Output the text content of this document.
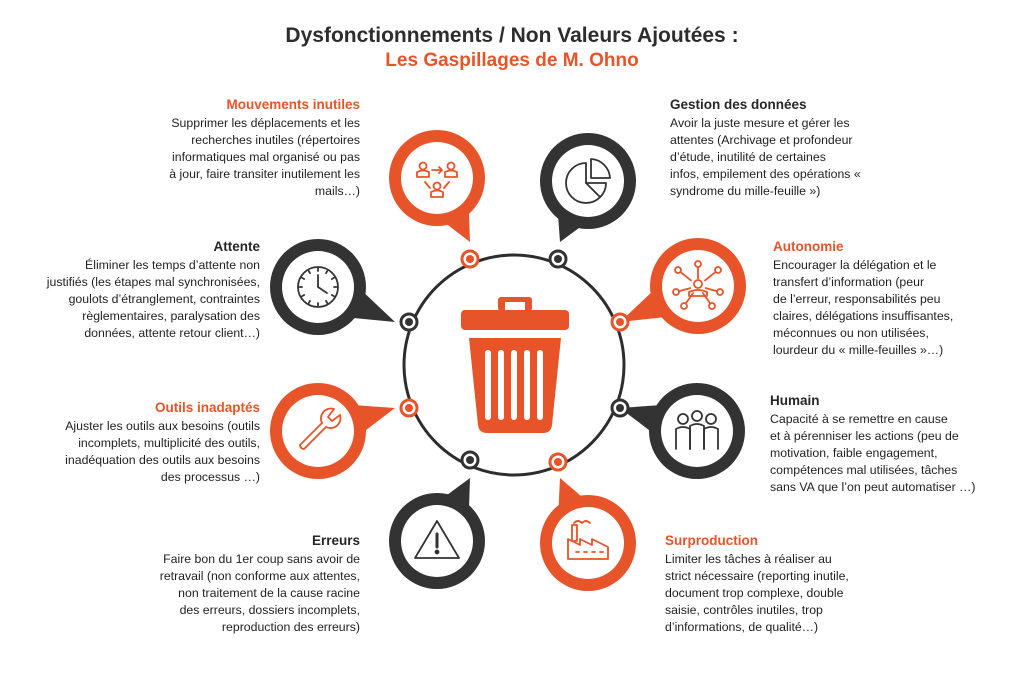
Dysfonctionnements / Non Valeurs Ajoutées :
Les Gaspillages de M. Ohno
Mouvements inutiles
Supprimer les déplacements et les
recherches inutiles (répertoires
informatiques mal organisé ou pas
à jour, faire transiter inutilement les
mails…)
Gestion des données
Avoir la juste mesure et gérer les
attentes (Archivage et profondeur
d’étude, inutilité de certaines
infos, empilement des opérations «
syndrome du mille-feuille »)
Attente
Éliminer les temps d’attente non
justifiés (les étapes mal synchronisées,
goulots d’étranglement, contraintes
règlementaires, paralysation des
données, attente retour client…)
Autonomie
Encourager la délégation et le
transfert d’information (peur
de l’erreur, responsabilités peu
claires, délégations insuffisantes,
méconnues ou non utilisées,
lourdeur du « mille-feuilles »…)
Outils inadaptés
Ajuster les outils aux besoins (outils
incomplets, multiplicité des outils,
inadéquation des outils aux besoins
des processus …)
Humain
Capacité à se remettre en cause
et à pérenniser les actions (peu de
motivation, faible engagement,
compétences mal utilisées, tâches
sans VA que l’on peut automatiser …)
Erreurs
Faire bon du 1er coup sans avoir de
retravail (non conforme aux attentes,
non traitement de la cause racine
des erreurs, dossiers incomplets,
reproduction des erreurs)
Surproduction
Limiter les tâches à réaliser au
strict nécessaire (reporting inutile,
document trop complexe, double
saisie, contrôles inutiles, trop
d’informations, de qualité…)
